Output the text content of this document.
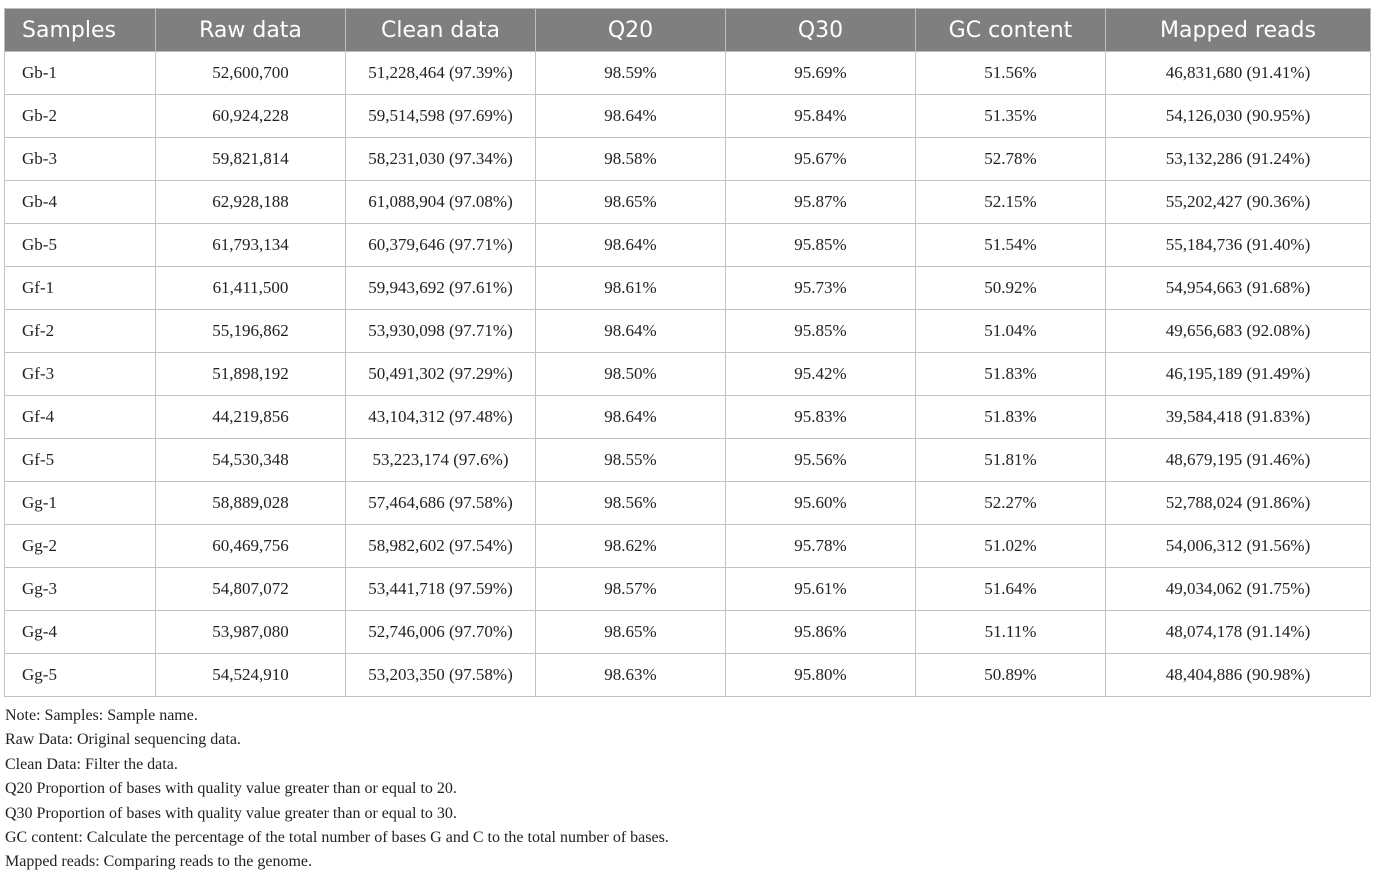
Samples	Raw data	Clean data	Q20	Q30	GC content	Mapped reads
Gb-1	52,600,700	51,228,464 (97.39%)	98.59%	95.69%	51.56%	46,831,680 (91.41%)
Gb-2	60,924,228	59,514,598 (97.69%)	98.64%	95.84%	51.35%	54,126,030 (90.95%)
Gb-3	59,821,814	58,231,030 (97.34%)	98.58%	95.67%	52.78%	53,132,286 (91.24%)
Gb-4	62,928,188	61,088,904 (97.08%)	98.65%	95.87%	52.15%	55,202,427 (90.36%)
Gb-5	61,793,134	60,379,646 (97.71%)	98.64%	95.85%	51.54%	55,184,736 (91.40%)
Gf-1	61,411,500	59,943,692 (97.61%)	98.61%	95.73%	50.92%	54,954,663 (91.68%)
Gf-2	55,196,862	53,930,098 (97.71%)	98.64%	95.85%	51.04%	49,656,683 (92.08%)
Gf-3	51,898,192	50,491,302 (97.29%)	98.50%	95.42%	51.83%	46,195,189 (91.49%)
Gf-4	44,219,856	43,104,312 (97.48%)	98.64%	95.83%	51.83%	39,584,418 (91.83%)
Gf-5	54,530,348	53,223,174 (97.6%)	98.55%	95.56%	51.81%	48,679,195 (91.46%)
Gg-1	58,889,028	57,464,686 (97.58%)	98.56%	95.60%	52.27%	52,788,024 (91.86%)
Gg-2	60,469,756	58,982,602 (97.54%)	98.62%	95.78%	51.02%	54,006,312 (91.56%)
Gg-3	54,807,072	53,441,718 (97.59%)	98.57%	95.61%	51.64%	49,034,062 (91.75%)
Gg-4	53,987,080	52,746,006 (97.70%)	98.65%	95.86%	51.11%	48,074,178 (91.14%)
Gg-5	54,524,910	53,203,350 (97.58%)	98.63%	95.80%	50.89%	48,404,886 (90.98%)
Note: Samples: Sample name.
Raw Data: Original sequencing data.
Clean Data: Filter the data.
Q20 Proportion of bases with quality value greater than or equal to 20.
Q30 Proportion of bases with quality value greater than or equal to 30.
GC content: Calculate the percentage of the total number of bases G and C to the total number of bases.
Mapped reads: Comparing reads to the genome.
